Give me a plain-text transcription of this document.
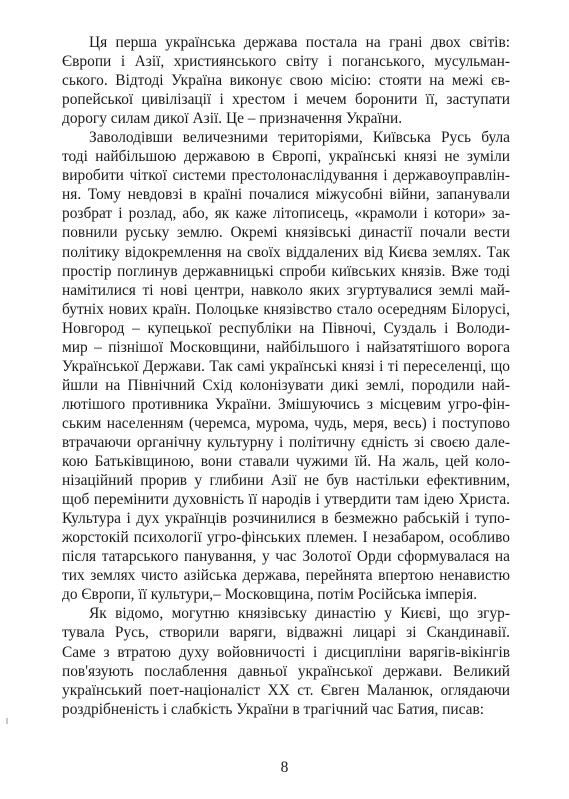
Ця перша українська держава постала на грані двох світів:
Європи і Азії, християнського світу і поганського, мусульман-
ського. Відтоді Україна виконує свою місію: стояти на межі єв-
ропейської цивілізації і хрестом і мечем боронити її, заступати
дорогу силам дикої Азії. Це – призначення України.

Заволодівши величезними територіями, Київська Русь була
тоді найбільшою державою в Європі, українські князі не зуміли
виробити чіткої системи престолонаслідування і державоуправлін-
ня. Тому невдовзі в країні почалися міжусобні війни, запанували
розбрат і розлад, або, як каже літописець, «крамоли і котори» за-
повнили руську землю. Окремі князівські династії почали вести
політику відокремлення на своїх віддалених від Києва землях. Так
простір поглинув державницькі спроби київських князів. Вже тоді
намітилися ті нові центри, навколо яких згуртувалися землі май-
бутніх нових країн. Полоцьке князівство стало осередням Білорусі,
Новгород – купецької республіки на Півночі, Суздаль і Володи-
мир – пізнішої Московщини, найбільшого і найзатятішого ворога
Української Держави. Так самі українські князі і ті переселенці, що
йшли на Північний Схід колонізувати дикі землі, породили най-
лютішого противника України. Змішуючись з місцевим угро-фін-
ським населенням (черемса, мурома, чудь, меря, весь) і поступово
втрачаючи органічну культурну і політичну єдність зі своєю дале-
кою Батьківщиною, вони ставали чужими їй. На жаль, цей коло-
нізаційний прорив у глибини Азії не був настільки ефективним,
щоб перемінити духовність її народів і утвердити там ідею Христа.
Культура і дух українців розчинилися в безмежно рабській і тупо-
жорстокій психології угро-фінських племен. І незабаром, особливо
після татарського панування, у час Золотої Орди сформувалася на
тих землях чисто азійська держава, перейнята впертою ненавистю
до Європи, її культури,– Московщина, потім Російська імперія.

Як відомо, могутню князівську династію у Києві, що згур-
тувала Русь, створили варяги, відважні лицарі зі Скандинавії.
Саме з втратою духу войовничості і дисципліни варягів-вікінгів
пов'язують послаблення давньої української держави. Великий
український поет-націоналіст XX ст. Євген Маланюк, оглядаючи
роздрібненість і слабкість України в трагічний час Батия, писав:

8
